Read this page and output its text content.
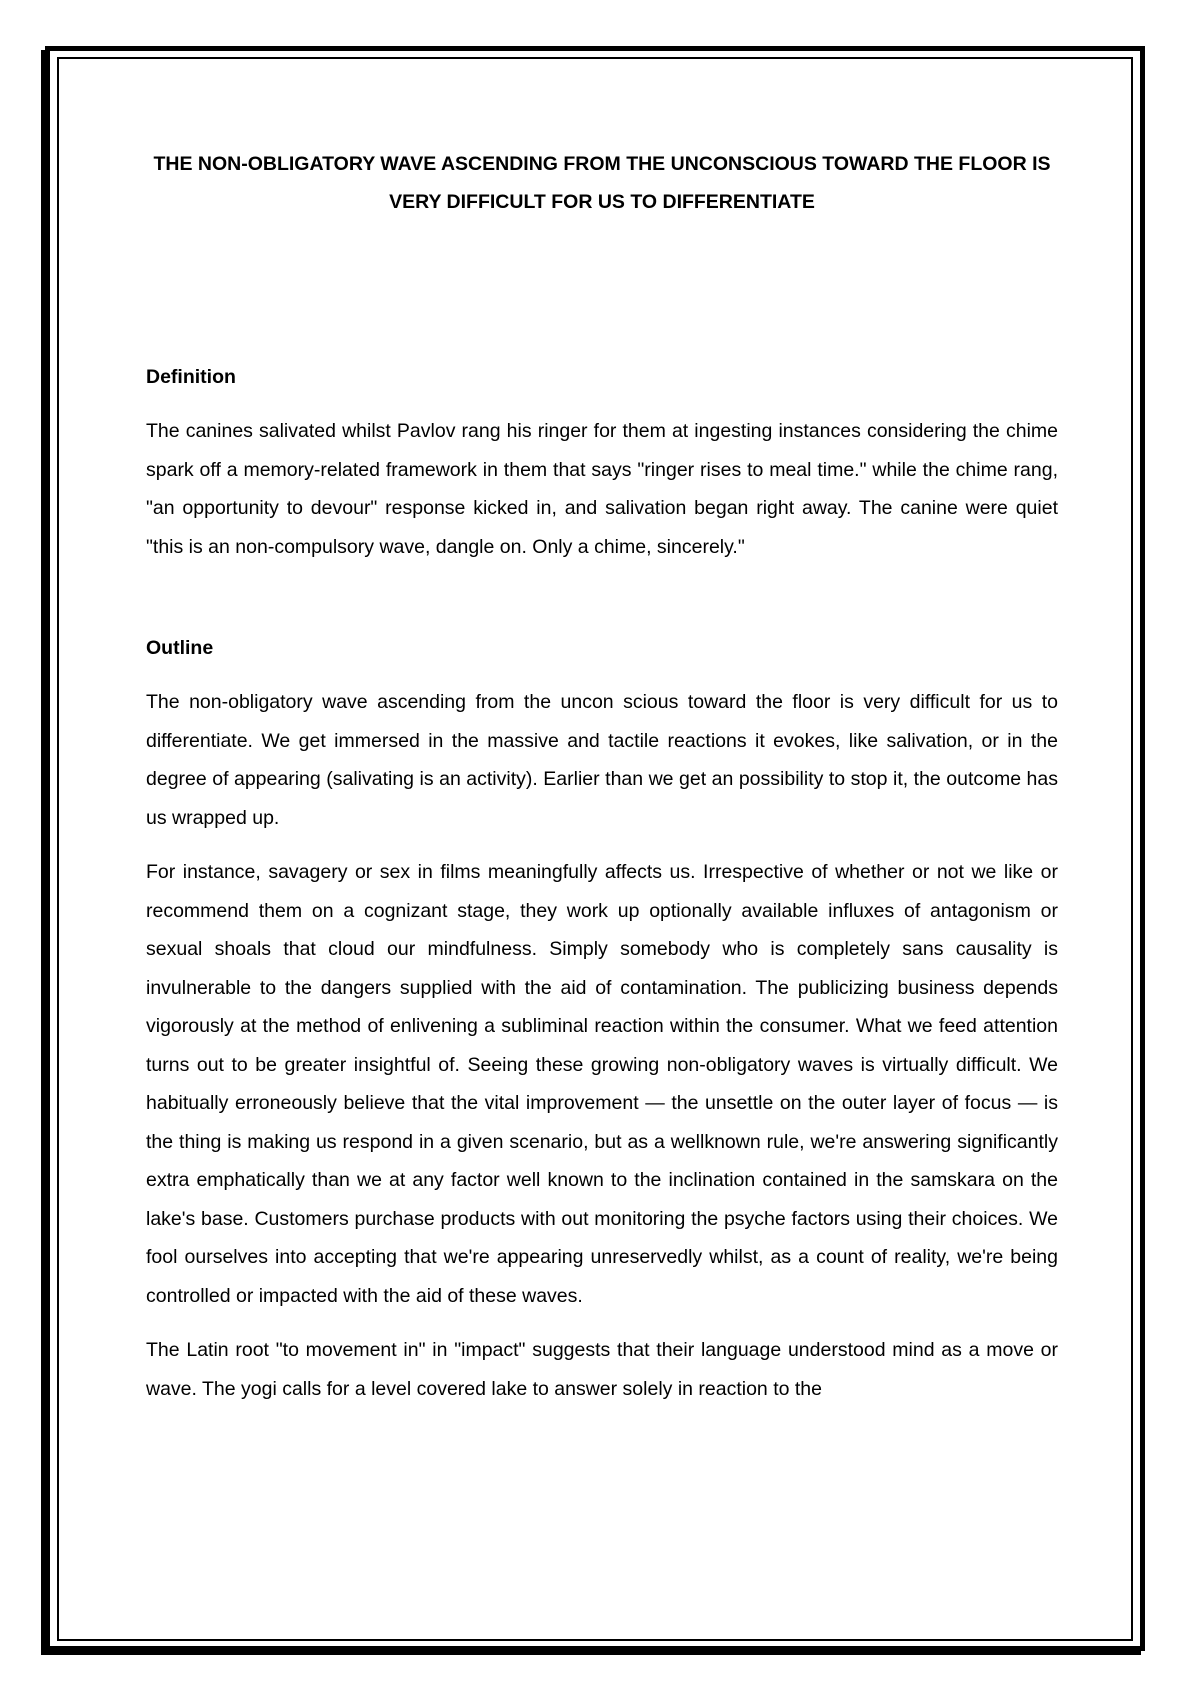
THE NON-OBLIGATORY WAVE ASCENDING FROM THE UNCONSCIOUS TOWARD THE FLOOR IS VERY DIFFICULT FOR US TO DIFFERENTIATE
Definition

The canines salivated whilst Pavlov rang his ringer for them at ingesting instances considering the chime spark off a memory-related framework in them that says "ringer rises to meal time." while the chime rang, "an opportunity to devour" response kicked in, and salivation began right away. The canine were quiet "this is an non-compulsory wave, dangle on. Only a chime, sincerely."

Outline

The non-obligatory wave ascending from the uncon scious toward the floor is very difficult for us to differentiate. We get immersed in the massive and tactile reactions it evokes, like salivation, or in the degree of appearing (salivating is an activity). Earlier than we get an possibility to stop it, the outcome has us wrapped up.

For instance, savagery or sex in films meaningfully affects us. Irrespective of whether or not we like or recommend them on a cognizant stage, they work up optionally available influxes of antagonism or sexual shoals that cloud our mindfulness. Simply somebody who is completely sans causality is invulnerable to the dangers supplied with the aid of contamination. The publicizing business depends vigorously at the method of enlivening a subliminal reaction within the consumer. What we feed attention turns out to be greater insightful of. Seeing these growing non-obligatory waves is virtually difficult. We habitually erroneously believe that the vital improvement — the unsettle on the outer layer of focus — is the thing is making us respond in a given scenario, but as a wellknown rule, we're answering significantly extra emphatically than we at any factor well known to the inclination contained in the samskara on the lake's base. Customers purchase products with out monitoring the psyche factors using their choices. We fool ourselves into accepting that we're appearing unreservedly whilst, as a count of reality, we're being controlled or impacted with the aid of these waves.

The Latin root "to movement in" in "impact" suggests that their language understood mind as a move or wave. The yogi calls for a level covered lake to answer solely in reaction to the
